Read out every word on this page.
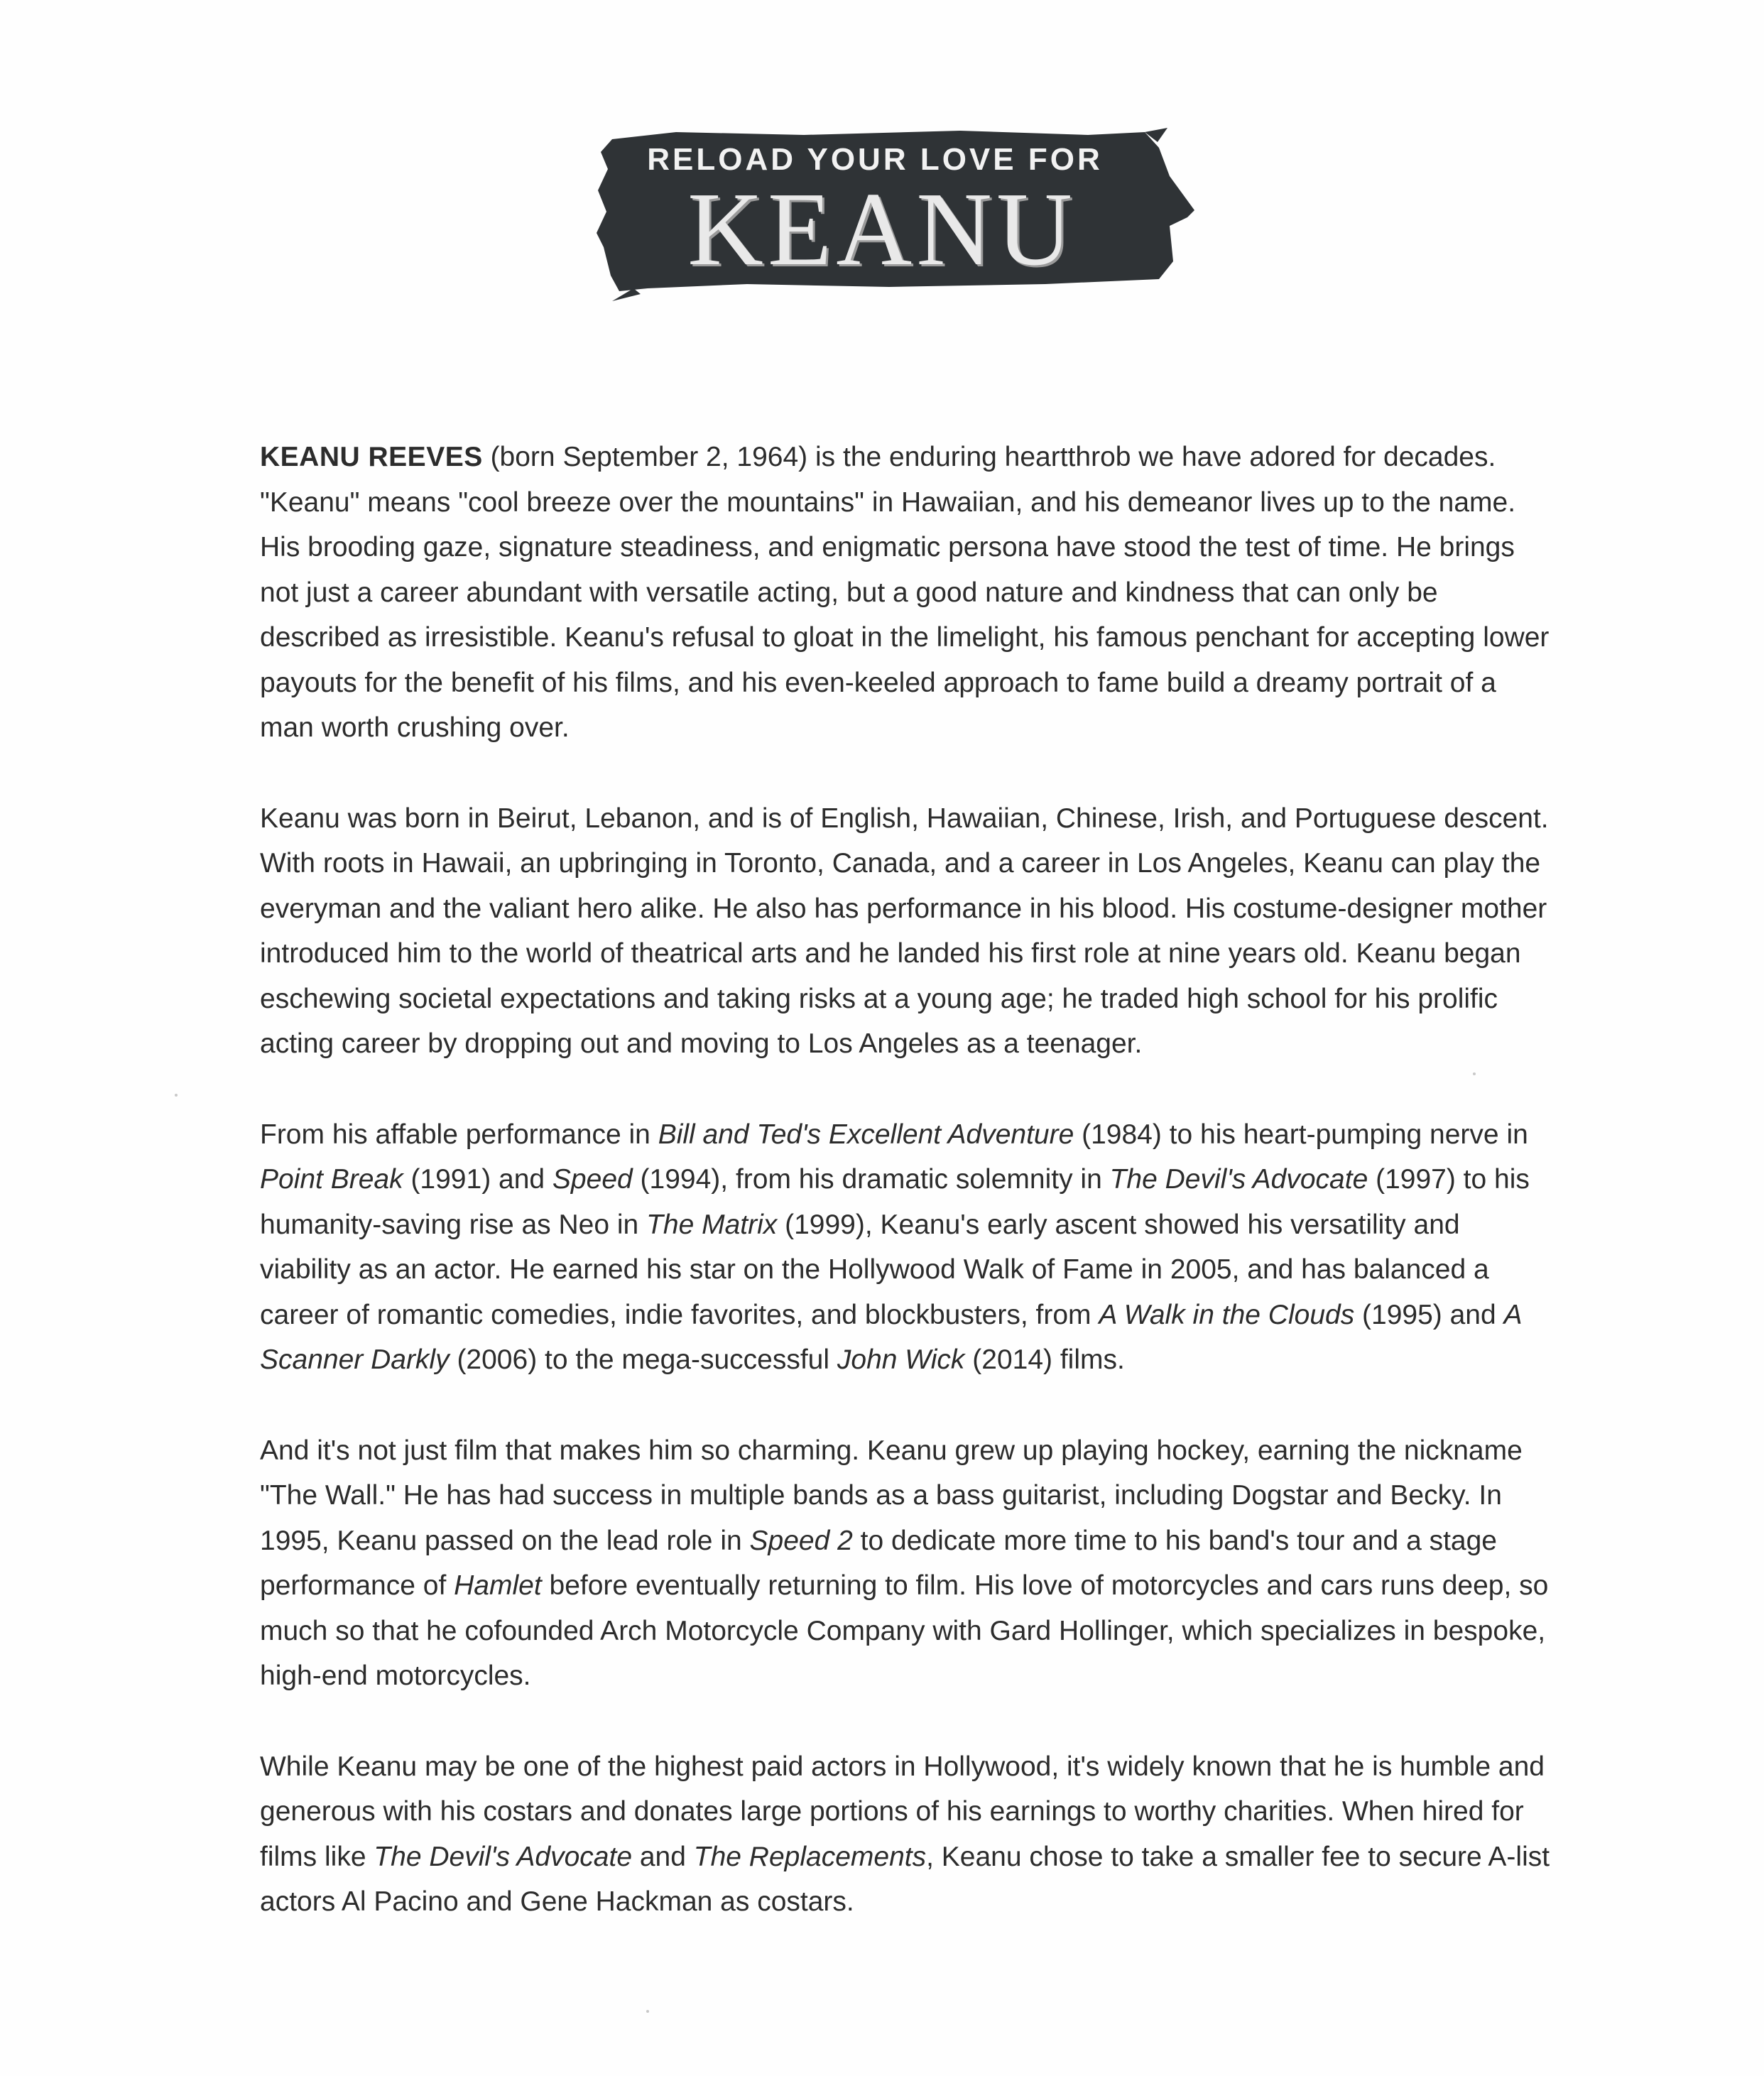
RELOAD YOUR LOVE FOR
KEANU

KEANU REEVES (born September 2, 1964) is the enduring heartthrob we have adored for decades. "Keanu" means "cool breeze over the mountains" in Hawaiian, and his demeanor lives up to the name. His brooding gaze, signature steadiness, and enigmatic persona have stood the test of time. He brings not just a career abundant with versatile acting, but a good nature and kindness that can only be described as irresistible. Keanu's refusal to gloat in the limelight, his famous penchant for accepting lower payouts for the benefit of his films, and his even-keeled approach to fame build a dreamy portrait of a man worth crushing over.

Keanu was born in Beirut, Lebanon, and is of English, Hawaiian, Chinese, Irish, and Portuguese descent. With roots in Hawaii, an upbringing in Toronto, Canada, and a career in Los Angeles, Keanu can play the everyman and the valiant hero alike. He also has performance in his blood. His costume-designer mother introduced him to the world of theatrical arts and he landed his first role at nine years old. Keanu began eschewing societal expectations and taking risks at a young age; he traded high school for his prolific acting career by dropping out and moving to Los Angeles as a teenager.

From his affable performance in Bill and Ted's Excellent Adventure (1984) to his heart-pumping nerve in Point Break (1991) and Speed (1994), from his dramatic solemnity in The Devil's Advocate (1997) to his humanity-saving rise as Neo in The Matrix (1999), Keanu's early ascent showed his versatility and viability as an actor. He earned his star on the Hollywood Walk of Fame in 2005, and has balanced a career of romantic comedies, indie favorites, and blockbusters, from A Walk in the Clouds (1995) and A Scanner Darkly (2006) to the mega-successful John Wick (2014) films.

And it's not just film that makes him so charming. Keanu grew up playing hockey, earning the nickname "The Wall." He has had success in multiple bands as a bass guitarist, including Dogstar and Becky. In 1995, Keanu passed on the lead role in Speed 2 to dedicate more time to his band's tour and a stage performance of Hamlet before eventually returning to film. His love of motorcycles and cars runs deep, so much so that he cofounded Arch Motorcycle Company with Gard Hollinger, which specializes in bespoke, high-end motorcycles.

While Keanu may be one of the highest paid actors in Hollywood, it's widely known that he is humble and generous with his costars and donates large portions of his earnings to worthy charities. When hired for films like The Devil's Advocate and The Replacements, Keanu chose to take a smaller fee to secure A-list actors Al Pacino and Gene Hackman as costars.
